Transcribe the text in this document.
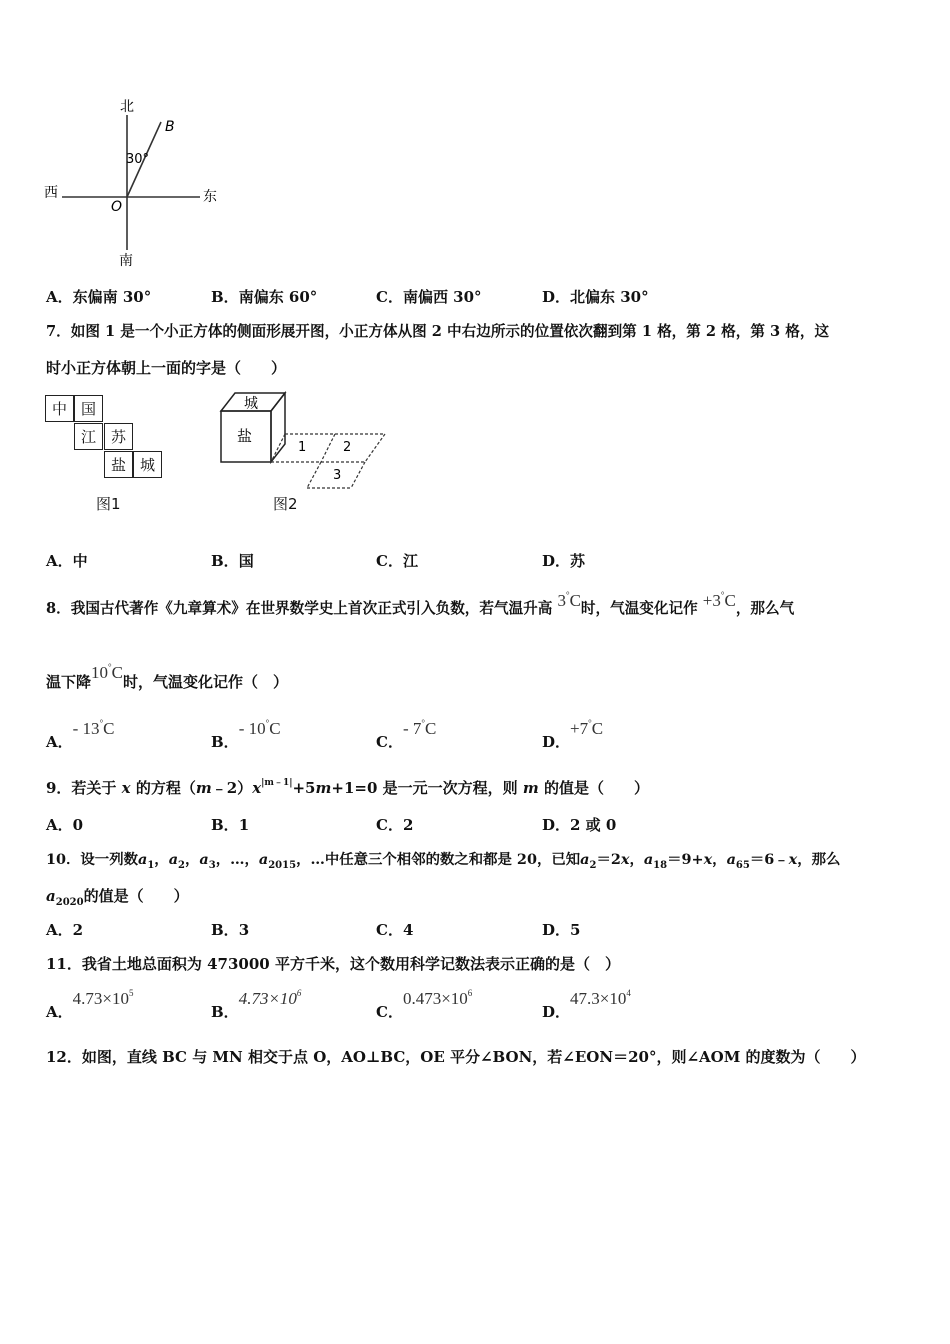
北
南
西	东
O
B
30°
A．东偏南 30°	B．南偏东 60°	C．南偏西 30°	D．北偏东 30°
7．如图 1 是一个小正方体的侧面形展开图，小正方体从图 2 中右边所示的位置依次翻到第 1 格，第 2 格，第 3 格，这
时小正方体朝上一面的字是（　　）
中 国
江 苏
盐 城
图1
城
盐
1	2
3
图2
A．中	B．国	C．江	D．苏
8．我国古代著作《九章算术》在世界数学史上首次正式引入负数，若气温升高 3°C时，气温变化记作 +3°C，那么气
温下降10°C时，气温变化记作（　）
A．- 13°C
B．- 10°C
C．- 7°C
D．+7°C
9．若关于 x 的方程$(m﹣2)x^{|m﹣1|}+5m+1=0$ 是一元一次方程，则 m 的值是（　　）
A．0	B．1	C．2	D．2 或 0
10．设一列数$a_1$，$a_2$，$a_3$，…，$a_{2015}$，…中任意三个相邻的数之和都是 20，已知$a_2=2x$，$a_{18}=9+x$，$a_{65}=6﹣x$，那么
$a_{2020}$的值是（　　）
A．2	B．3	C．4	D．5
11．我省土地总面积为 473000 平方千米，这个数用科学记数法表示正确的是（　）
A．$4.73\times 10^5$
B．$4.73\times 10^6$
C．$0.473\times 10^6$
D．$47.3\times 10^4$
12．如图，直线 BC 与 MN 相交于点 O，AO⊥BC，OE 平分∠BON，若∠EON＝20°，则∠AOM 的度数为（　　）
